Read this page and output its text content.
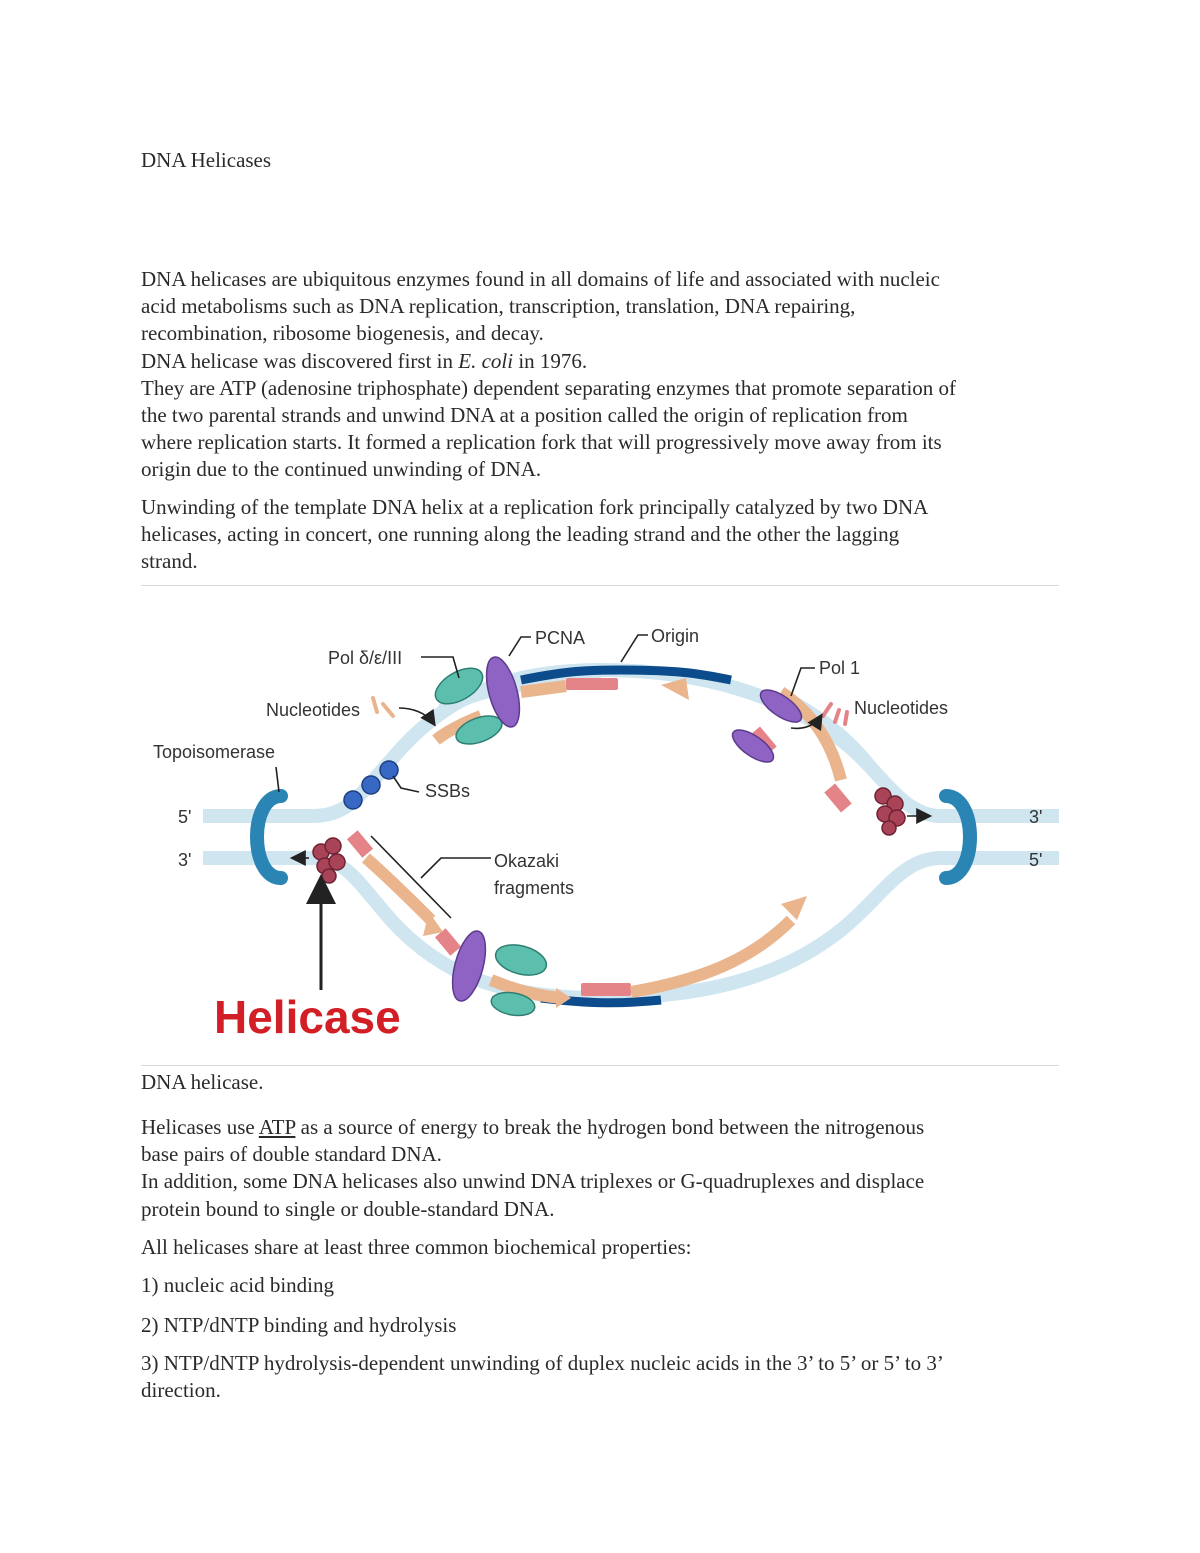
DNA Helicases
DNA helicases are ubiquitous enzymes found in all domains of life and associated with nucleic
acid metabolisms such as DNA replication, transcription, translation, DNA repairing,
recombination, ribosome biogenesis, and decay.
DNA helicase was discovered first in E. coli in 1976.
They are ATP (adenosine triphosphate) dependent separating enzymes that promote separation of
the two parental strands and unwind DNA at a position called the origin of replication from
where replication starts. It formed a replication fork that will progressively move away from its
origin due to the continued unwinding of DNA.
Unwinding of the template DNA helix at a replication fork principally catalyzed by two DNA
helicases, acting in concert, one running along the leading strand and the other the lagging
strand.
PCNA	Origin
Pol δ/ε/III	Pol 1
Nucleotides	Nucleotides
Topoisomerase
SSBs
Okazaki
fragments
5'
3'
3'
5'
Helicase
DNA helicase.
Helicases use ATP as a source of energy to break the hydrogen bond between the nitrogenous
base pairs of double standard DNA.
In addition, some DNA helicases also unwind DNA triplexes or G-quadruplexes and displace
protein bound to single or double-standard DNA.
All helicases share at least three common biochemical properties:
1) nucleic acid binding
2) NTP/dNTP binding and hydrolysis
3) NTP/dNTP hydrolysis-dependent unwinding of duplex nucleic acids in the 3’ to 5’ or 5’ to 3’
direction.
